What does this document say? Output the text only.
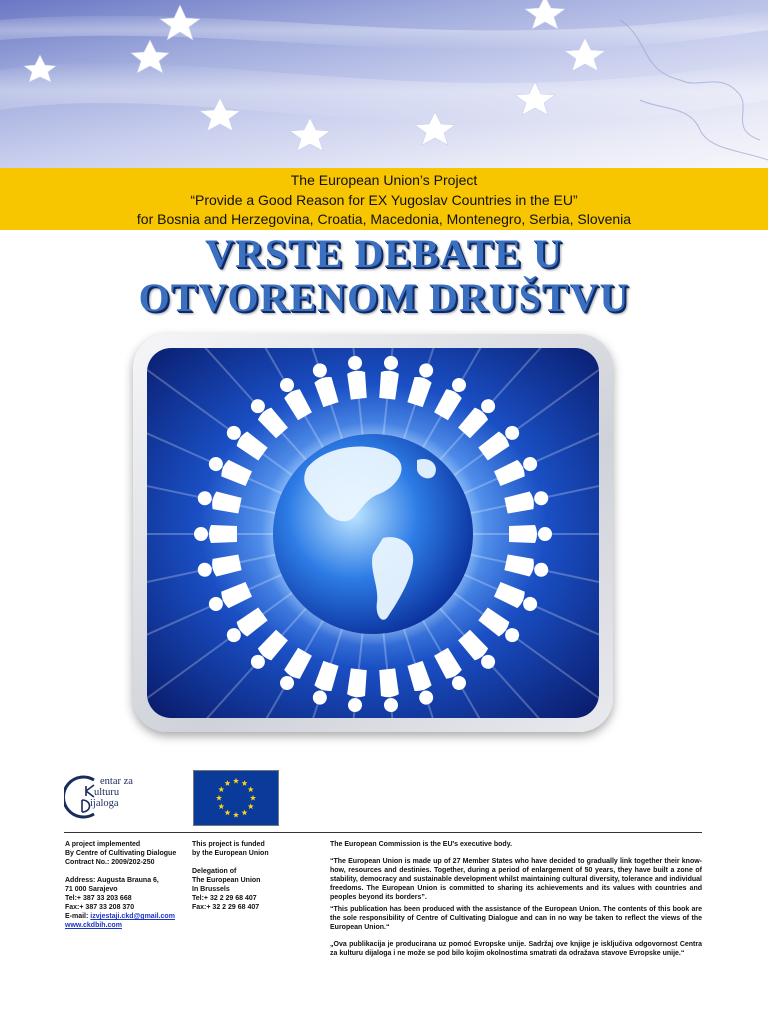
The European Union’s Project
“Provide a Good Reason for EX Yugoslav Countries in the EU”
for Bosnia and Herzegovina, Croatia, Macedonia, Montenegro, Serbia, Slovenia
VRSTE DEBATE U
OTVORENOM DRUŠTVU
entar za
ulturu
ijaloga
A project implemented
By Centre of Cultivating Dialogue
Contract No.: 2009/202-250
Address: Augusta Brauna 6,
71 000 Sarajevo
Tel:+ 387 33 203 668
Fax:+ 387 33 208 370
E-mail: izvjestaji.ckd@gmail.com
www.ckdbih.com
This project is funded
by the European Union
Delegation of
The European Union
In Brussels
Tel:+ 32 2 29 68 407
Fax:+ 32 2 29 68 407

The European Commission is the EU's executive body.

“The European Union is made up of 27 Member States who have decided to gradually link together their know-how, resources and destinies. Together, during a period of enlargement of 50 years, they have built a zone of stability, democracy and sustainable development whilst maintaining cultural diversity, tolerance and individual freedoms. The European Union is committed to sharing its achievements and its values with countries and peoples beyond its borders”.

“This publication has been produced with the assistance of the European Union. The contents of this book are the sole responsibility of Centre of Cultivating Dialogue and can in no way be taken to reflect the views of the European Union.“

„Ova publikacija je producirana uz pomoć Evropske unije. Sadržaj ove knjige je isključiva odgovornost Centra za kulturu dijaloga i ne može se pod bilo kojim okolnostima smatrati da odražava stavove Evropske unije.“
